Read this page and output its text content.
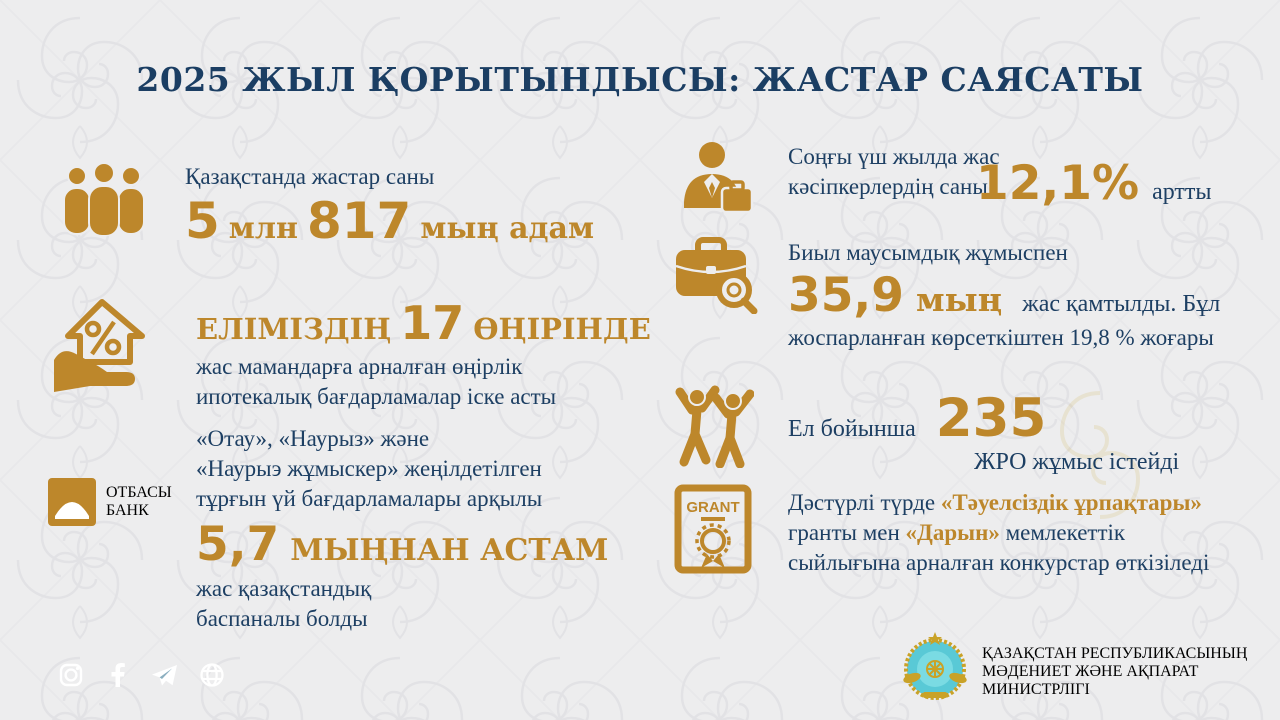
2025 ЖЫЛ ҚОРЫТЫНДЫСЫ: ЖАСТАР САЯСАТЫ
Қазақстанда жастар саны
5 млн 817 мың адам
ЕЛІМІЗДІҢ 17 ӨҢІРІНДЕ
жас мамандарға арналған өңірлік
ипотекалық бағдарламалар іске асты
ОТБАСЫ
БАНК
«Отау», «Наурыз» және
«Наурыэ жұмыскер» жеңілдетілген
тұрғын үй бағдарламалары арқылы
5,7 МЫҢНАН АСТАМ
жас қазақстандық
баспаналы болды
Соңғы үш жылда жас
кәсіпкерлердің саны
12,1% артты
Биыл маусымдық жұмыспен
35,9 мың жас қамтылды. Бұл
жоспарланған көрсеткіштен 19,8 % жоғары
Ел бойынша 235
ЖРО жұмыс істейді
GRANT Дәстүрлі түрде «Тәуелсіздік ұрпақтары»
гранты мен «Дарын» мемлекеттік
сыйлығына арналған конкурстар өткізіледі
ҚАЗАҚСТАН РЕСПУБЛИКАСЫНЫҢ
МӘДЕНИЕТ ЖӘНЕ АҚПАРАТ МИНИСТРЛІГІ
